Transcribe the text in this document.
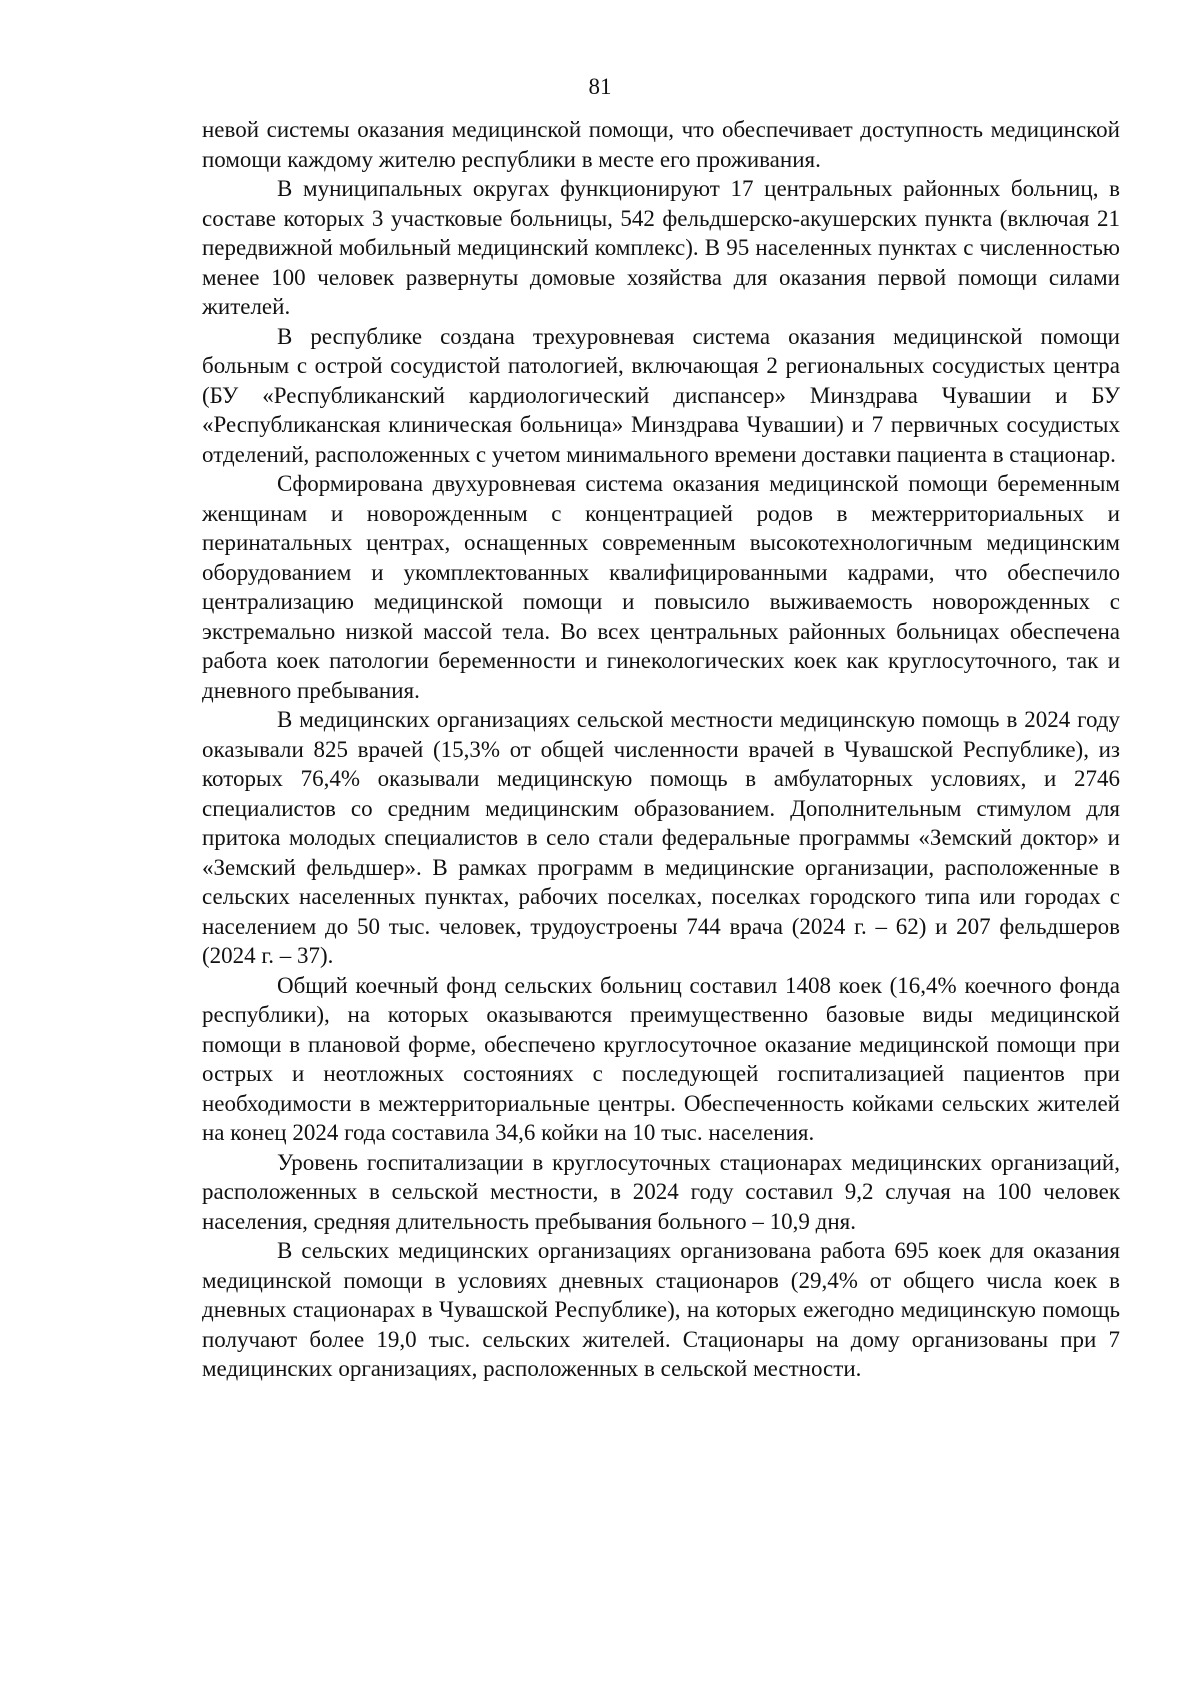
81

невой системы оказания медицинской помощи, что обеспечивает доступность медицинской помощи каждому жителю республики в месте его проживания.

В муниципальных округах функционируют 17 центральных районных больниц, в составе которых 3 участковые больницы, 542 фельдшерско-акушерских пункта (включая 21 передвижной мобильный медицинский комплекс). В 95 населенных пунктах с численностью менее 100 человек развернуты домовые хозяйства для оказания первой помощи силами жителей.

В республике создана трехуровневая система оказания медицинской помощи больным с острой сосудистой патологией, включающая 2 региональных сосудистых центра (БУ «Республиканский кардиологический диспансер» Минздрава Чувашии и БУ «Республиканская клиническая больница» Минздрава Чувашии) и 7 первичных сосудистых отделений, расположенных с учетом минимального времени доставки пациента в стационар.

Сформирована двухуровневая система оказания медицинской помощи беременным женщинам и новорожденным с концентрацией родов в межтерриториальных и перинатальных центрах, оснащенных современным высокотехнологичным медицинским оборудованием и укомплектованных квалифицированными кадрами, что обеспечило централизацию медицинской помощи и повысило выживаемость новорожденных с экстремально низкой массой тела. Во всех центральных районных больницах обеспечена работа коек патологии беременности и гинекологических коек как круглосуточного, так и дневного пребывания.

В медицинских организациях сельской местности медицинскую помощь в 2024 году оказывали 825 врачей (15,3% от общей численности врачей в Чувашской Республике), из которых 76,4% оказывали медицинскую помощь в амбулаторных условиях, и 2746 специалистов со средним медицинским образованием. Дополнительным стимулом для притока молодых специалистов в село стали федеральные программы «Земский доктор» и «Земский фельдшер». В рамках программ в медицинские организации, расположенные в сельских населенных пунктах, рабочих поселках, поселках городского типа или городах с населением до 50 тыс. человек, трудоустроены 744 врача (2024 г. – 62) и 207 фельдшеров (2024 г. – 37).

Общий коечный фонд сельских больниц составил 1408 коек (16,4% коечного фонда республики), на которых оказываются преимущественно базовые виды медицинской помощи в плановой форме, обеспечено круглосуточное оказание медицинской помощи при острых и неотложных состояниях с последующей госпитализацией пациентов при необходимости в межтерриториальные центры. Обеспеченность койками сельских жителей на конец 2024 года составила 34,6 койки на 10 тыс. населения.

Уровень госпитализации в круглосуточных стационарах медицинских организаций, расположенных в сельской местности, в 2024 году составил 9,2 случая на 100 человек населения, средняя длительность пребывания больного – 10,9 дня.

В сельских медицинских организациях организована работа 695 коек для оказания медицинской помощи в условиях дневных стационаров (29,4% от общего числа коек в дневных стационарах в Чувашской Республике), на которых ежегодно медицинскую помощь получают более 19,0 тыс. сельских жителей. Стационары на дому организованы при 7 медицинских организациях, расположенных в сельской местности.
